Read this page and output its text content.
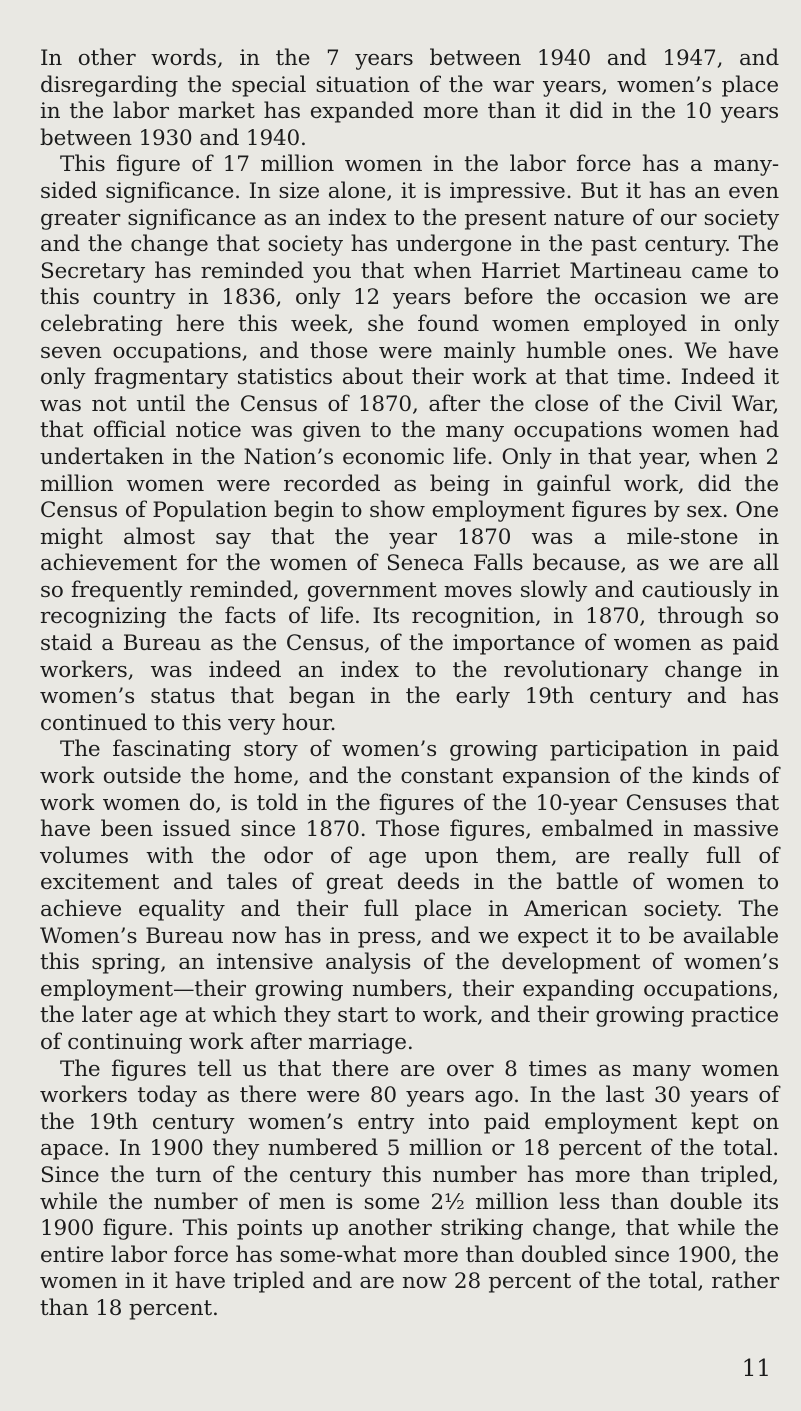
In other words, in the 7 years between 1940 and 1947, and disregarding the special situation of the war years, women’s place in the labor market has expanded more than it did in the 10 years between 1930 and 1940.

This figure of 17 million women in the labor force has a many-sided significance. In size alone, it is impressive. But it has an even greater significance as an index to the present nature of our society and the change that society has undergone in the past century. The Secretary has reminded you that when Harriet Martineau came to this country in 1836, only 12 years before the occasion we are celebrating here this week, she found women employed in only seven occupations, and those were mainly humble ones. We have only fragmentary statistics about their work at that time. Indeed it was not until the Census of 1870, after the close of the Civil War, that official notice was given to the many occupations women had undertaken in the Nation’s economic life. Only in that year, when 2 million women were recorded as being in gainful work, did the Census of Population begin to show employment figures by sex. One might almost say that the year 1870 was a mile-stone in achievement for the women of Seneca Falls because, as we are all so frequently reminded, government moves slowly and cautiously in recognizing the facts of life. Its recognition, in 1870, through so staid a Bureau as the Census, of the importance of women as paid workers, was indeed an index to the revolutionary change in women’s status that began in the early 19th century and has continued to this very hour.

The fascinating story of women’s growing participation in paid work outside the home, and the constant expansion of the kinds of work women do, is told in the figures of the 10-year Censuses that have been issued since 1870. Those figures, embalmed in massive volumes with the odor of age upon them, are really full of excitement and tales of great deeds in the battle of women to achieve equality and their full place in American society. The Women’s Bureau now has in press, and we expect it to be available this spring, an intensive analysis of the development of women’s employment—their growing numbers, their expanding occupations, the later age at which they start to work, and their growing practice of continuing work after marriage.

The figures tell us that there are over 8 times as many women workers today as there were 80 years ago. In the last 30 years of the 19th century women’s entry into paid employment kept on apace. In 1900 they numbered 5 million or 18 percent of the total. Since the turn of the century this number has more than tripled, while the number of men is some 2½ million less than double its 1900 figure. This points up another striking change, that while the entire labor force has some-what more than doubled since 1900, the women in it have tripled and are now 28 percent of the total, rather than 18 percent.

11
